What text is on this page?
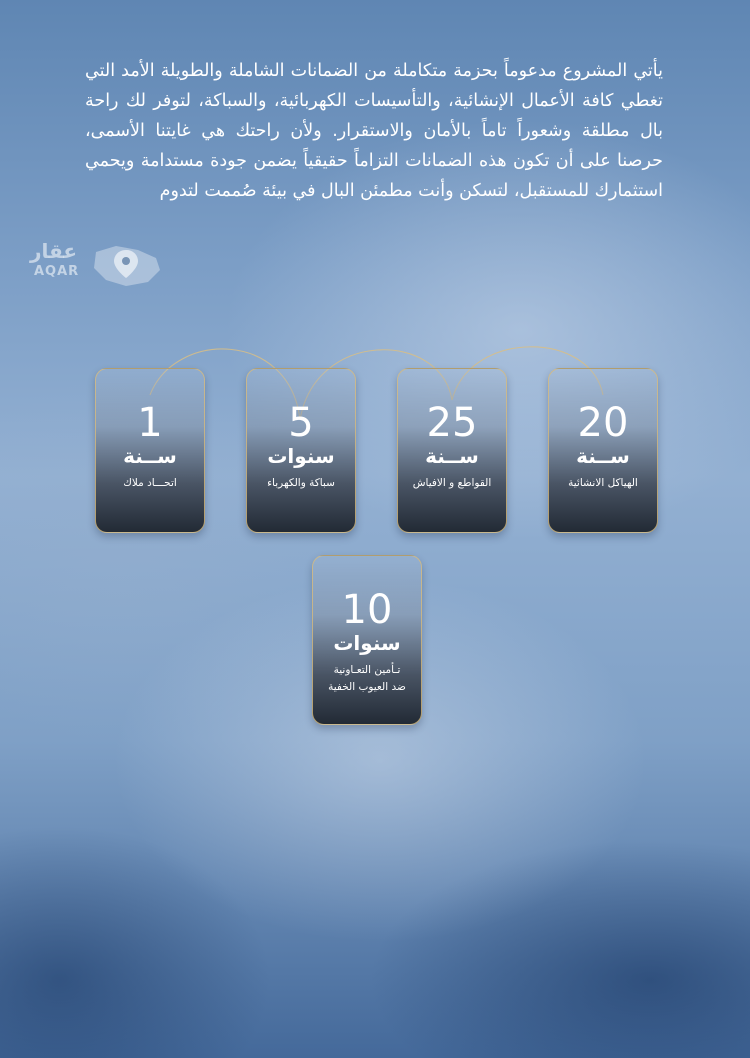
يأتي المشروع مدعوماً بحزمة متكاملة من الضمانات الشاملة والطويلة الأمد التي تغطي كافة الأعمال الإنشائية، والتأسيسات الكهربائية، والسباكة، لتوفر لك راحة بال مطلقة وشعوراً تاماً بالأمان والاستقرار. ولأن راحتك هي غايتنا الأسمى، حرصنا على أن تكون هذه الضمانات التزاماً حقيقياً يضمن جودة مستدامة ويحمي استثمارك للمستقبل، لتسكن وأنت مطمئن البال في بيئة صُممت لتدوم

عقار
AQAR
20
ســنة
الهياكل الانشائية
25
ســنة
القواطع و الافياش
5
سنوات
سباكة والكهرباء
1
ســنة
اتحـــاد ملاك
10
سنوات
تـأمين التعـاونية
ضد العيوب الخفية
